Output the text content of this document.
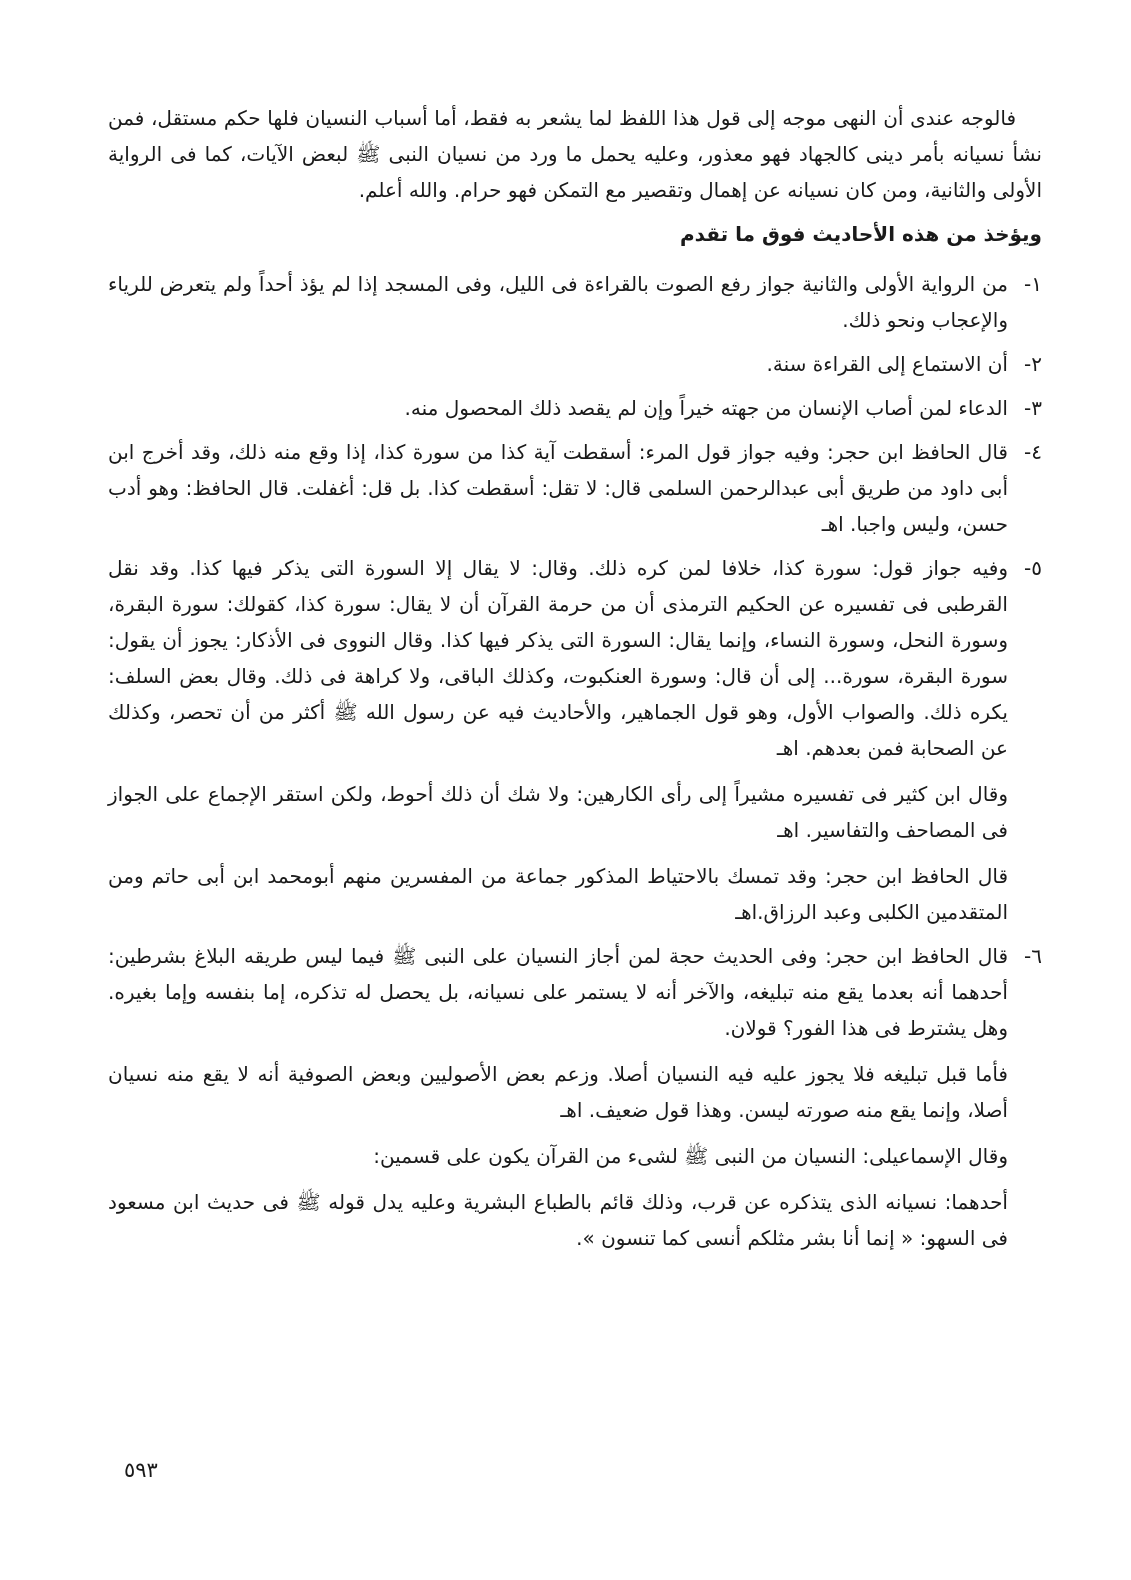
فالوجه عندى أن النهى موجه إلى قول هذا اللفظ لما يشعر به فقط، أما أسباب النسيان فلها حكم مستقل، فمن نشأ نسيانه بأمر دينى كالجهاد فهو معذور، وعليه يحمل ما ورد من نسيان النبى ﷺ لبعض الآيات، كما فى الرواية الأولى والثانية، ومن كان نسيانه عن إهمال وتقصير مع التمكن فهو حرام. والله أعلم.

ويؤخذ من هذه الأحاديث فوق ما تقدم

١-
من الرواية الأولى والثانية جواز رفع الصوت بالقراءة فى الليل، وفى المسجد إذا لم يؤذ أحداً ولم يتعرض للرياء والإعجاب ونحو ذلك.
٢-
أن الاستماع إلى القراءة سنة.
٣-
الدعاء لمن أصاب الإنسان من جهته خيراً وإن لم يقصد ذلك المحصول منه.
٤-
قال الحافظ ابن حجر: وفيه جواز قول المرء: أسقطت آية كذا من سورة كذا، إذا وقع منه ذلك، وقد أخرج ابن أبى داود من طريق أبى عبدالرحمن السلمى قال: لا تقل: أسقطت كذا. بل قل: أغفلت. قال الحافظ: وهو أدب حسن، وليس واجبا. اهـ
٥-
وفيه جواز قول: سورة كذا، خلافا لمن كره ذلك. وقال: لا يقال إلا السورة التى يذكر فيها كذا. وقد نقل القرطبى فى تفسيره عن الحكيم الترمذى أن من حرمة القرآن أن لا يقال: سورة كذا، كقولك: سورة البقرة، وسورة النحل، وسورة النساء، وإنما يقال: السورة التى يذكر فيها كذا. وقال النووى فى الأذكار: يجوز أن يقول: سورة البقرة، سورة... إلى أن قال: وسورة العنكبوت، وكذلك الباقى، ولا كراهة فى ذلك. وقال بعض السلف: يكره ذلك. والصواب الأول، وهو قول الجماهير، والأحاديث فيه عن رسول الله ﷺ أكثر من أن تحصر، وكذلك عن الصحابة فمن بعدهم. اهـ

وقال ابن كثير فى تفسيره مشيراً إلى رأى الكارهين: ولا شك أن ذلك أحوط، ولكن استقر الإجماع على الجواز فى المصاحف والتفاسير. اهـ

قال الحافظ ابن حجر: وقد تمسك بالاحتياط المذكور جماعة من المفسرين منهم أبومحمد ابن أبى حاتم ومن المتقدمين الكلبى وعبد الرزاق.اهـ

٦-
قال الحافظ ابن حجر: وفى الحديث حجة لمن أجاز النسيان على النبى ﷺ فيما ليس طريقه البلاغ بشرطين: أحدهما أنه بعدما يقع منه تبليغه، والآخر أنه لا يستمر على نسيانه، بل يحصل له تذكره، إما بنفسه وإما بغيره. وهل يشترط فى هذا الفور؟ قولان.

فأما قبل تبليغه فلا يجوز عليه فيه النسيان أصلا. وزعم بعض الأصوليين وبعض الصوفية أنه لا يقع منه نسيان أصلا، وإنما يقع منه صورته ليسن. وهذا قول ضعيف. اهـ

وقال الإسماعيلى: النسيان من النبى ﷺ لشىء من القرآن يكون على قسمين:

أحدهما: نسيانه الذى يتذكره عن قرب، وذلك قائم بالطباع البشرية وعليه يدل قوله ﷺ فى حديث ابن مسعود فى السهو: « إنما أنا بشر مثلكم أنسى كما تنسون ».

٥٩٣
